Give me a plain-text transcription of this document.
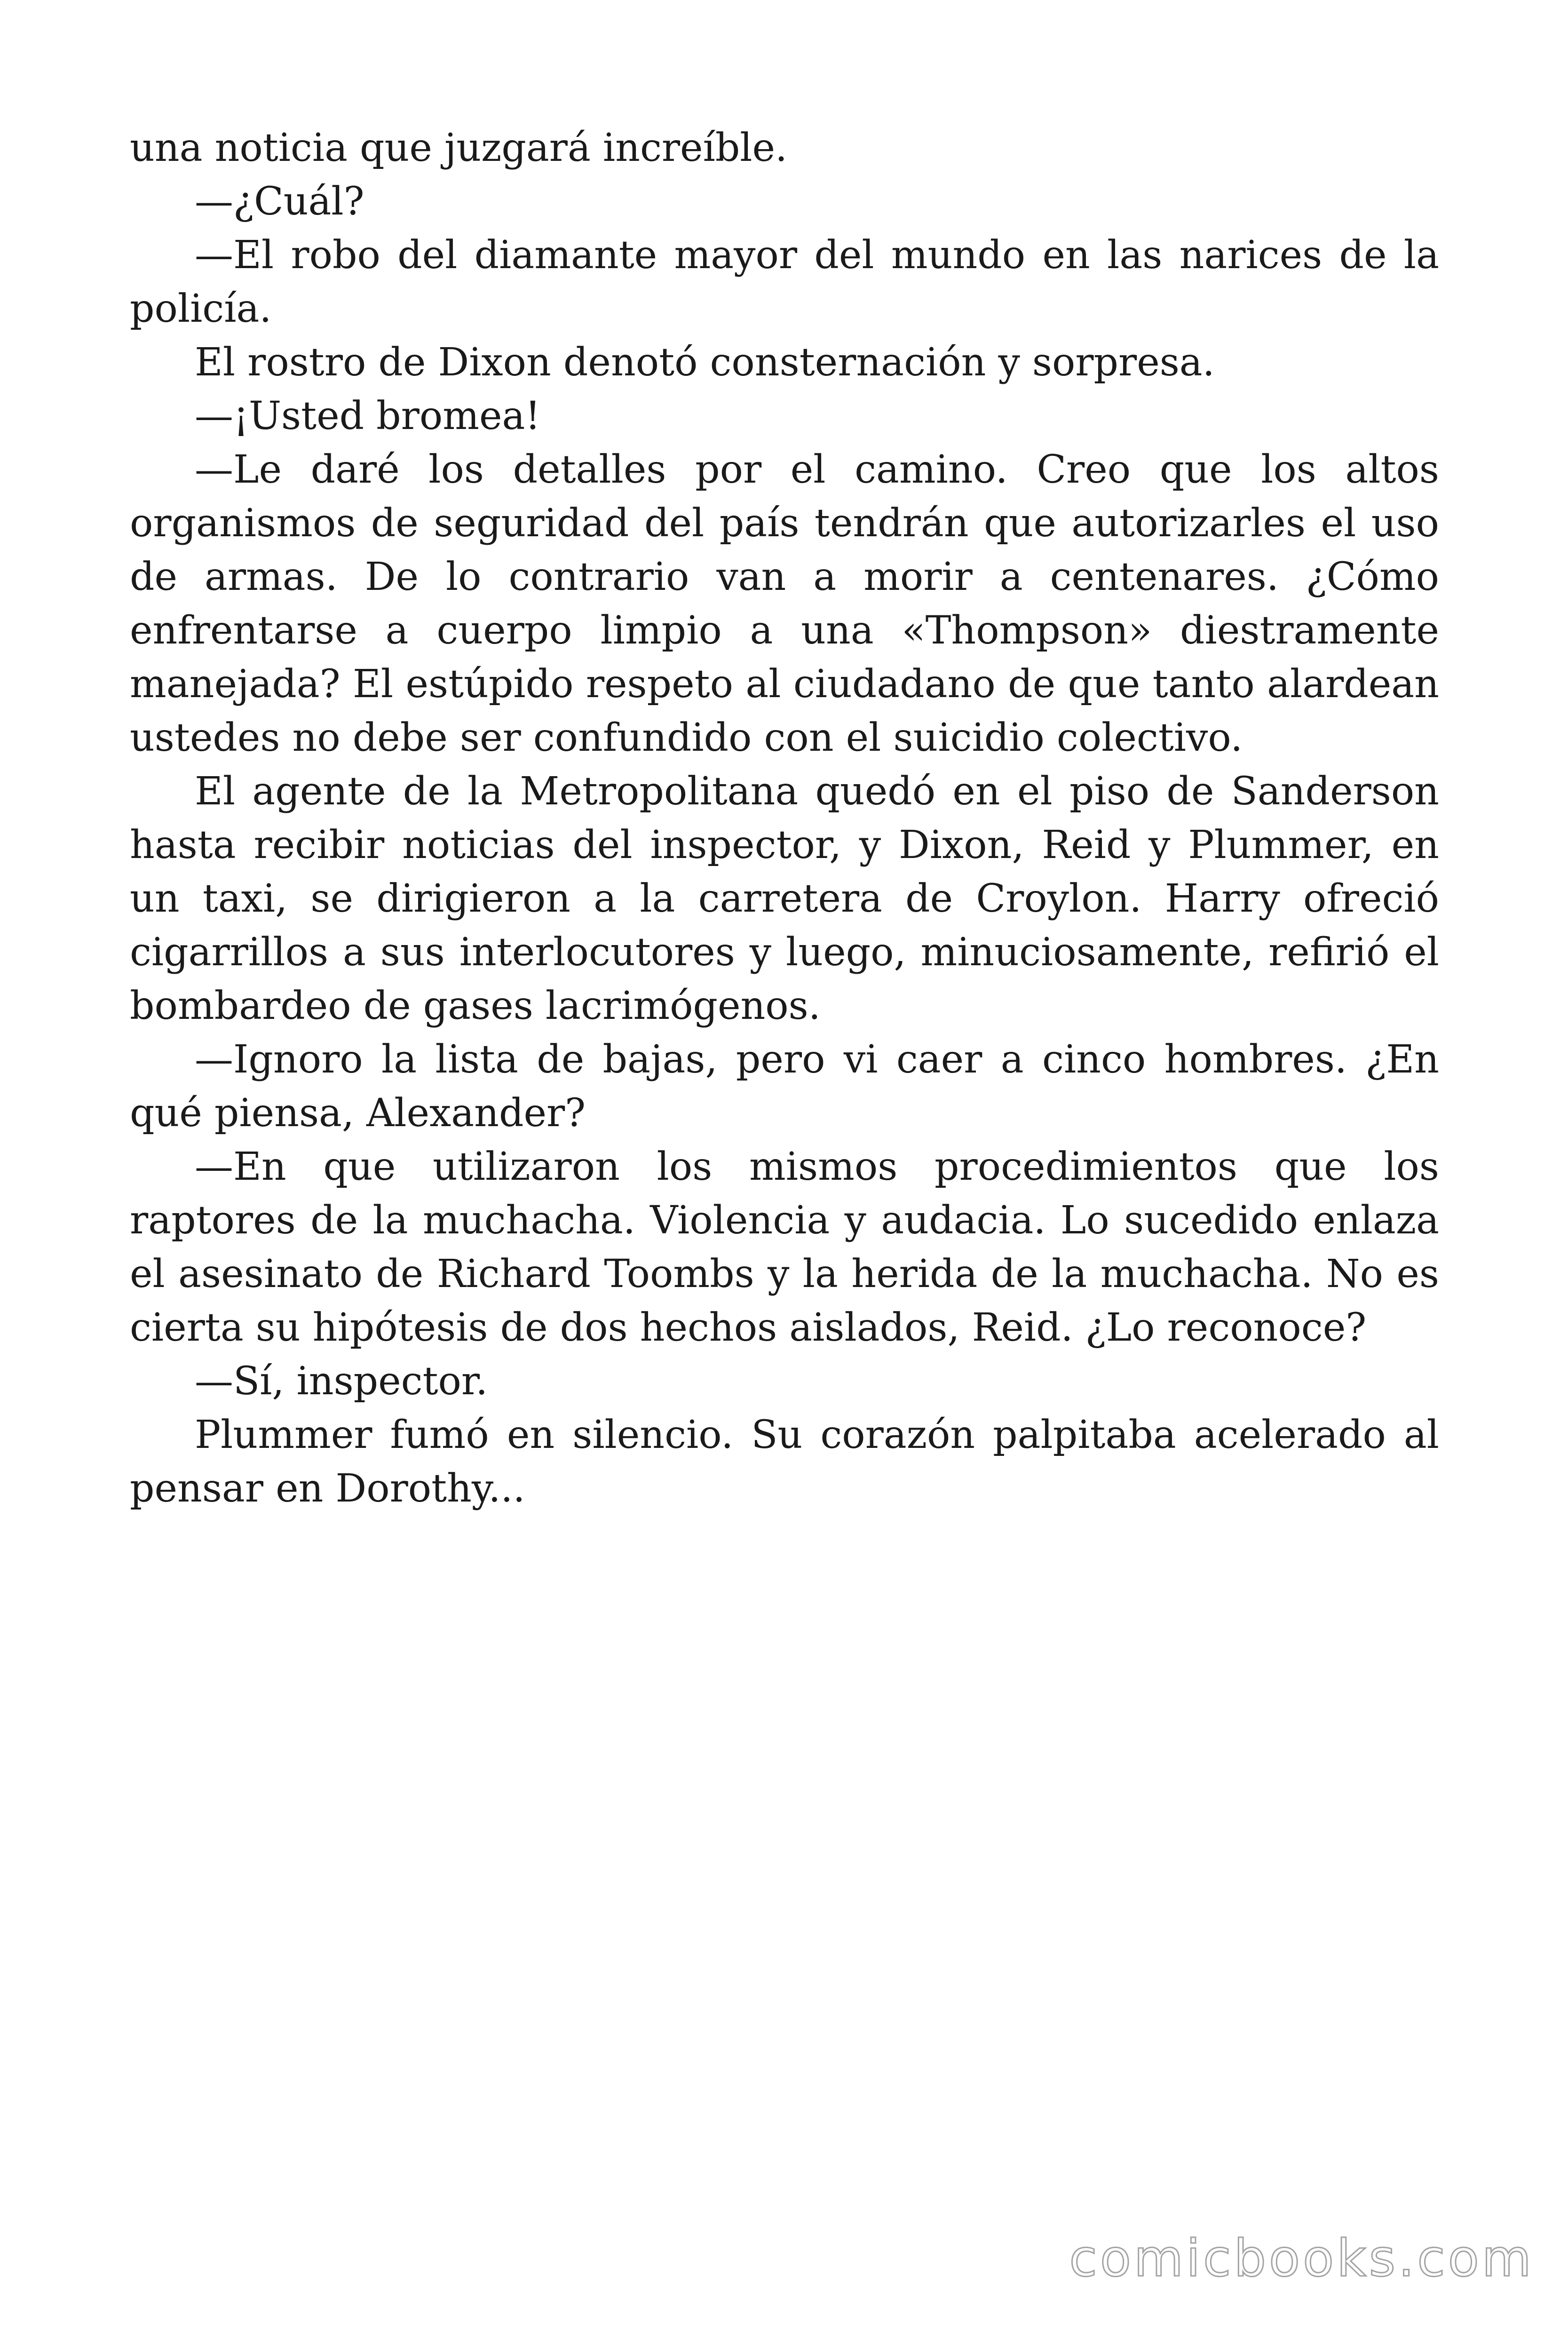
una noticia que juzgará increíble.

—¿Cuál?

—El robo del diamante mayor del mundo en las narices de la policía.

El rostro de Dixon denotó consternación y sorpresa.

—¡Usted bromea!

—Le daré los detalles por el camino. Creo que los altos organismos de seguridad del país tendrán que autorizarles el uso de armas. De lo contrario van a morir a centenares. ¿Cómo enfrentarse a cuerpo limpio a una «Thompson» diestramente manejada? El estúpido respeto al ciudadano de que tanto alardean ustedes no debe ser confundido con el suicidio colectivo.

El agente de la Metropolitana quedó en el piso de Sanderson hasta recibir noticias del inspector, y Dixon, Reid y Plummer, en un taxi, se dirigieron a la carretera de Croylon. Harry ofreció cigarrillos a sus interlocutores y luego, minuciosamente, refirió el bombardeo de gases lacrimógenos.

—Ignoro la lista de bajas, pero vi caer a cinco hombres. ¿En qué piensa, Alexander?

—En que utilizaron los mismos procedimientos que los raptores de la muchacha. Violencia y audacia. Lo sucedido enlaza el asesinato de Richard Toombs y la herida de la muchacha. No es cierta su hipótesis de dos hechos aislados, Reid. ¿Lo reconoce?

—Sí, inspector.

Plummer fumó en silencio. Su corazón palpitaba acelerado al pensar en Dorothy...

comicbooks.com
